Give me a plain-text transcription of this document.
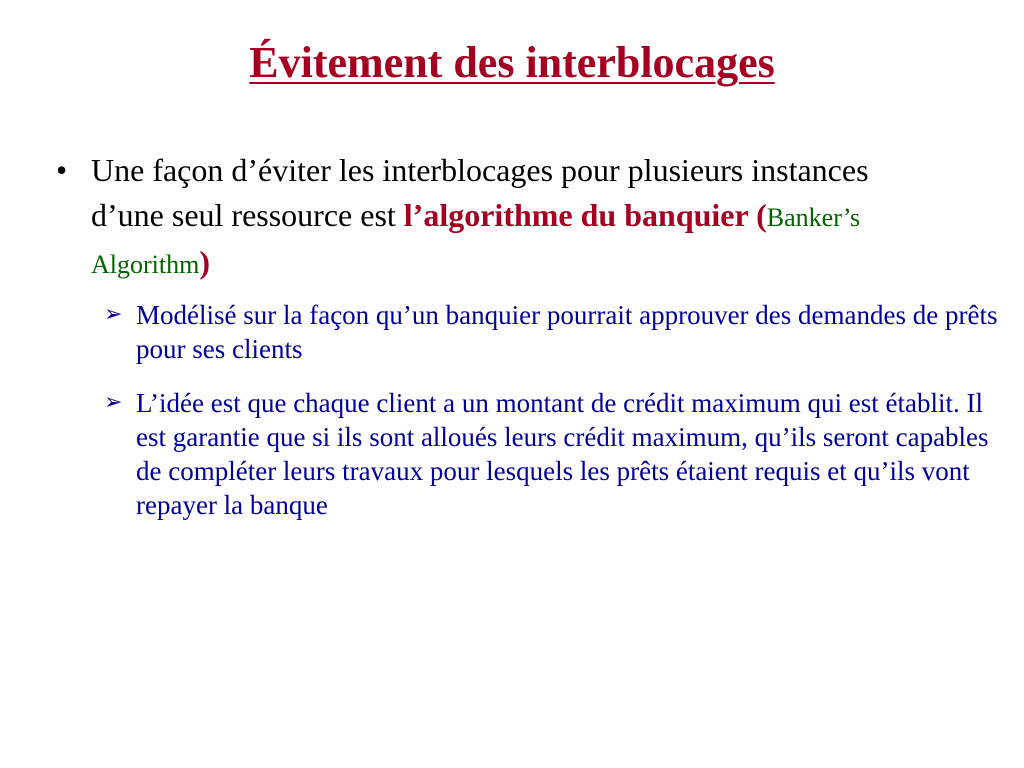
Évitement des interblocages
• Une façon d’éviter les interblocages pour plusieurs instances d’une seul ressource est l’algorithme du banquier (Banker’s Algorithm)
➢ Modélisé sur la façon qu’un banquier pourrait approuver des demandes de prêts pour ses clients
➢ L’idée est que chaque client a un montant de crédit maximum qui est établit. Il est garantie que si ils sont alloués leurs crédit maximum, qu’ils seront capables de compléter leurs travaux pour lesquels les prêts étaient requis et qu’ils vont repayer la banque
